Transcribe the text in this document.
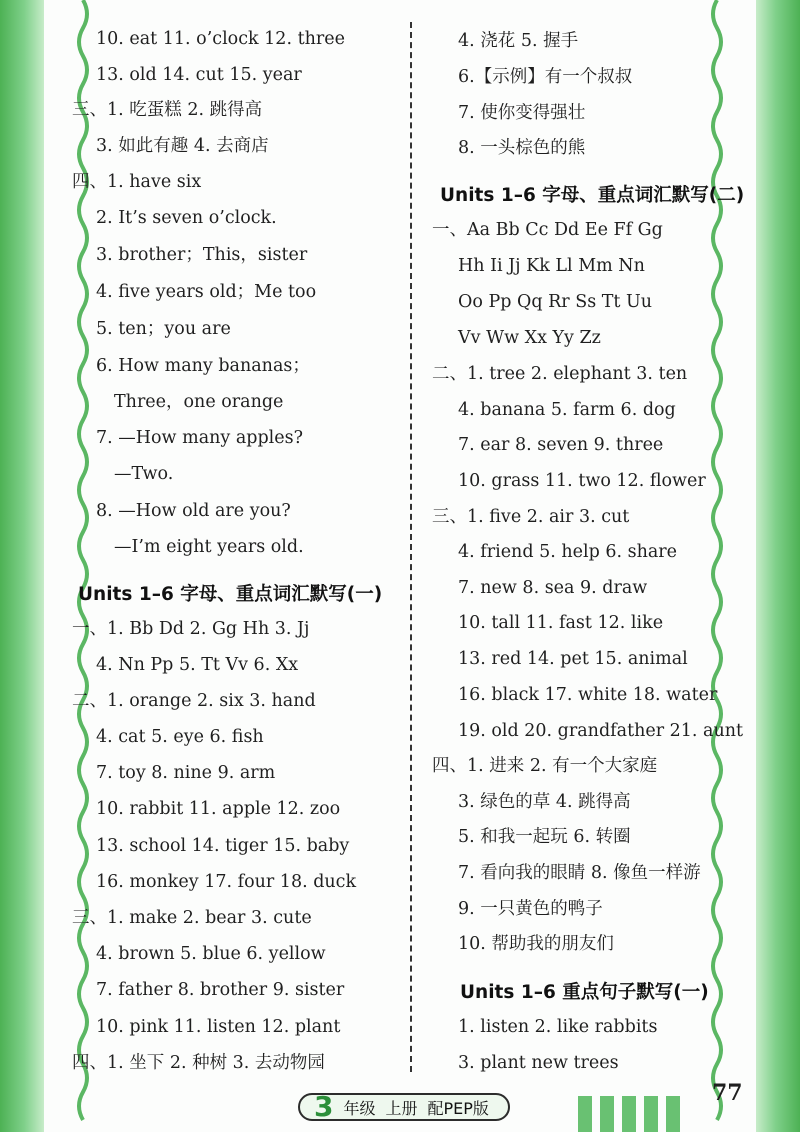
10. eat 11. o’clock 12. three
13. old 14. cut 15. year
三、1. 吃蛋糕 2. 跳得高
3. 如此有趣 4. 去商店
四、1. have six
2. It’s seven o’clock.
3. brother；This，sister
4. five years old；Me too
5. ten；you are
6. How many bananas；
Three，one orange
7. —How many apples?
—Two.
8. —How old are you?
—I’m eight years old.
Units 1–6 字母、重点词汇默写(一)
一、1. Bb Dd 2. Gg Hh 3. Jj
4. Nn Pp 5. Tt Vv 6. Xx
二、1. orange 2. six 3. hand
4. cat 5. eye 6. fish
7. toy 8. nine 9. arm
10. rabbit 11. apple 12. zoo
13. school 14. tiger 15. baby
16. monkey 17. four 18. duck
三、1. make 2. bear 3. cute
4. brown 5. blue 6. yellow
7. father 8. brother 9. sister
10. pink 11. listen 12. plant
四、1. 坐下 2. 种树 3. 去动物园
4. 浇花 5. 握手
6.【示例】有一个叔叔
7. 使你变得强壮
8. 一头棕色的熊
Units 1–6 字母、重点词汇默写(二)
一、Aa Bb Cc Dd Ee Ff Gg
Hh Ii Jj Kk Ll Mm Nn
Oo Pp Qq Rr Ss Tt Uu
Vv Ww Xx Yy Zz
二、1. tree 2. elephant 3. ten
4. banana 5. farm 6. dog
7. ear 8. seven 9. three
10. grass 11. two 12. flower
三、1. five 2. air 3. cut
4. friend 5. help 6. share
7. new 8. sea 9. draw
10. tall 11. fast 12. like
13. red 14. pet 15. animal
16. black 17. white 18. water
19. old 20. grandfather 21. aunt
四、1. 进来 2. 有一个大家庭
3. 绿色的草 4. 跳得高
5. 和我一起玩 6. 转圈
7. 看向我的眼睛 8. 像鱼一样游
9. 一只黄色的鸭子
10. 帮助我的朋友们
Units 1–6 重点句子默写(一)
1. listen 2. like rabbits
3. plant new trees
3 年级 上册 配PEP版
77
